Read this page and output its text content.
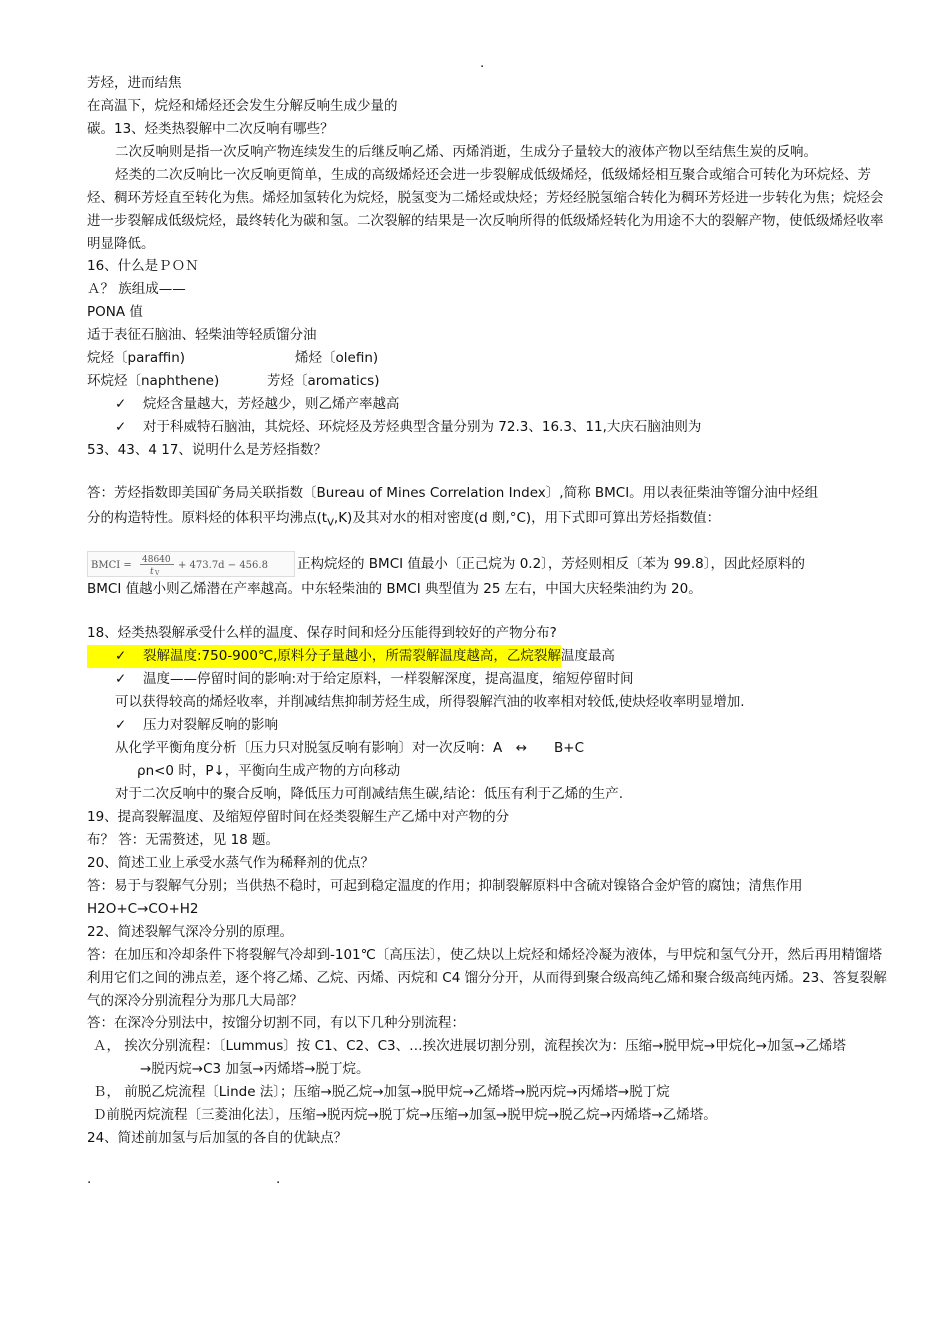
.
芳烃，进而结焦
在高温下，烷烃和烯烃还会发生分解反响生成少量的
碳。13、烃类热裂解中二次反响有哪些？
二次反响则是指一次反响产物连续发生的后继反响乙烯、丙烯消逝，生成分子量较大的液体产物以至结焦生炭的反响。
烃类的二次反响比一次反响更简单，生成的高级烯烃还会进一步裂解成低级烯烃，低级烯烃相互聚合或缩合可转化为环烷烃、芳烃、稠环芳烃直至转化为焦。烯烃加氢转化为烷烃，脱氢变为二烯烃或炔烃；芳烃经脱氢缩合转化为稠环芳烃进一步转化为焦；烷烃会进一步裂解成低级烷烃，最终转化为碳和氢。二次裂解的结果是一次反响所得的低级烯烃转化为用途不大的裂解产物，使低级烯烃收率明显降低。
16、什么是ＰＯＮ
Ａ？ 族组成——
PONA 值
适于表征石脑油、轻柴油等轻质馏分油
烷烃〔paraffin)	烯烃〔olefin)
环烷烃〔naphthene)	芳烃〔aromatics)
✓ 烷烃含量越大，芳烃越少，则乙烯产率越高
✓ 对于科威特石脑油，其烷烃、环烷烃及芳烃典型含量分别为 72.3、16.3、11,大庆石脑油则为
53、43、4 17、说明什么是芳烃指数？
答：芳烃指数即美国矿务局关联指数〔Bureau of Mines Correlation Index〕,简称 BMCI。用以表征柴油等馏分油中烃组
分的构造特性。原料烃的体积平均沸点$(t_V,K)$及其对水的相对密度(d 剫,°C)，用下式即可算出芳烃指数值：
BMCI = 48640
t V
+ 473.7d − 456.8 正构烷烃的 BMCI 值最小〔正己烷为 0.2〕，芳烃则相反〔苯为 99.8〕，因此烃原料的
BMCI 值越小则乙烯潜在产率越高。中东轻柴油的 BMCI 典型值为 25 左右，中国大庆轻柴油约为 20。
18、烃类热裂解承受什么样的温度、保存时间和烃分压能得到较好的产物分布?
✓ 裂解温度:750-900℃,原料分子量越小，所需裂解温度越高，乙烷裂解温度最高
✓ 温度——停留时间的影响:对于给定原料，一样裂解深度，提高温度，缩短停留时间
可以获得较高的烯烃收率，并削减结焦抑制芳烃生成，所得裂解汽油的收率相对较低,使炔烃收率明显增加.
✓ 压力对裂解反响的影响
从化学平衡角度分析〔压力只对脱氢反响有影响〕对一次反响：A　↔　　B+C
ρn<0 时，P↓，平衡向生成产物的方向移动
对于二次反响中的聚合反响，降低压力可削减结焦生碳,结论：低压有利于乙烯的生产.
19、提高裂解温度、及缩短停留时间在烃类裂解生产乙烯中对产物的分
布？ 答：无需赘述，见 18 题。
20、简述工业上承受水蒸气作为稀释剂的优点？
答：易于与裂解气分别；当供热不稳时，可起到稳定温度的作用；抑制裂解原料中含硫对镍铬合金炉管的腐蚀；清焦作用
H2O+C→CO+H2
22、简述裂解气深冷分别的原理。
答：在加压和冷却条件下将裂解气冷却到-101℃〔高压法〕，使乙炔以上烷烃和烯烃冷凝为液体，与甲烷和氢气分开，然后再用精馏塔利用它们之间的沸点差，逐个将乙烯、乙烷、丙烯、丙烷和 C4 馏分分开，从而得到聚合级高纯乙烯和聚合级高纯丙烯。23、答复裂解气的深冷分别流程分为那几大局部？
答：在深冷分别法中，按馏分切割不同，有以下几种分别流程：
Ａ， 挨次分别流程：〔Lummus〕按 C1、C2、C3、…挨次进展切割分别，流程挨次为：压缩→脱甲烷→甲烷化→加氢→乙烯塔
→脱丙烷→C3 加氢→丙烯塔→脱丁烷。
Ｂ， 前脱乙烷流程〔Linde 法〕；压缩→脱乙烷→加氢→脱甲烷→乙烯塔→脱丙烷→丙烯塔→脱丁烷
Ｄ前脱丙烷流程〔三菱油化法〕，压缩→脱丙烷→脱丁烷→压缩→加氢→脱甲烷→脱乙烷→丙烯塔→乙烯塔。
24、简述前加氢与后加氢的各自的优缺点？
.	.
